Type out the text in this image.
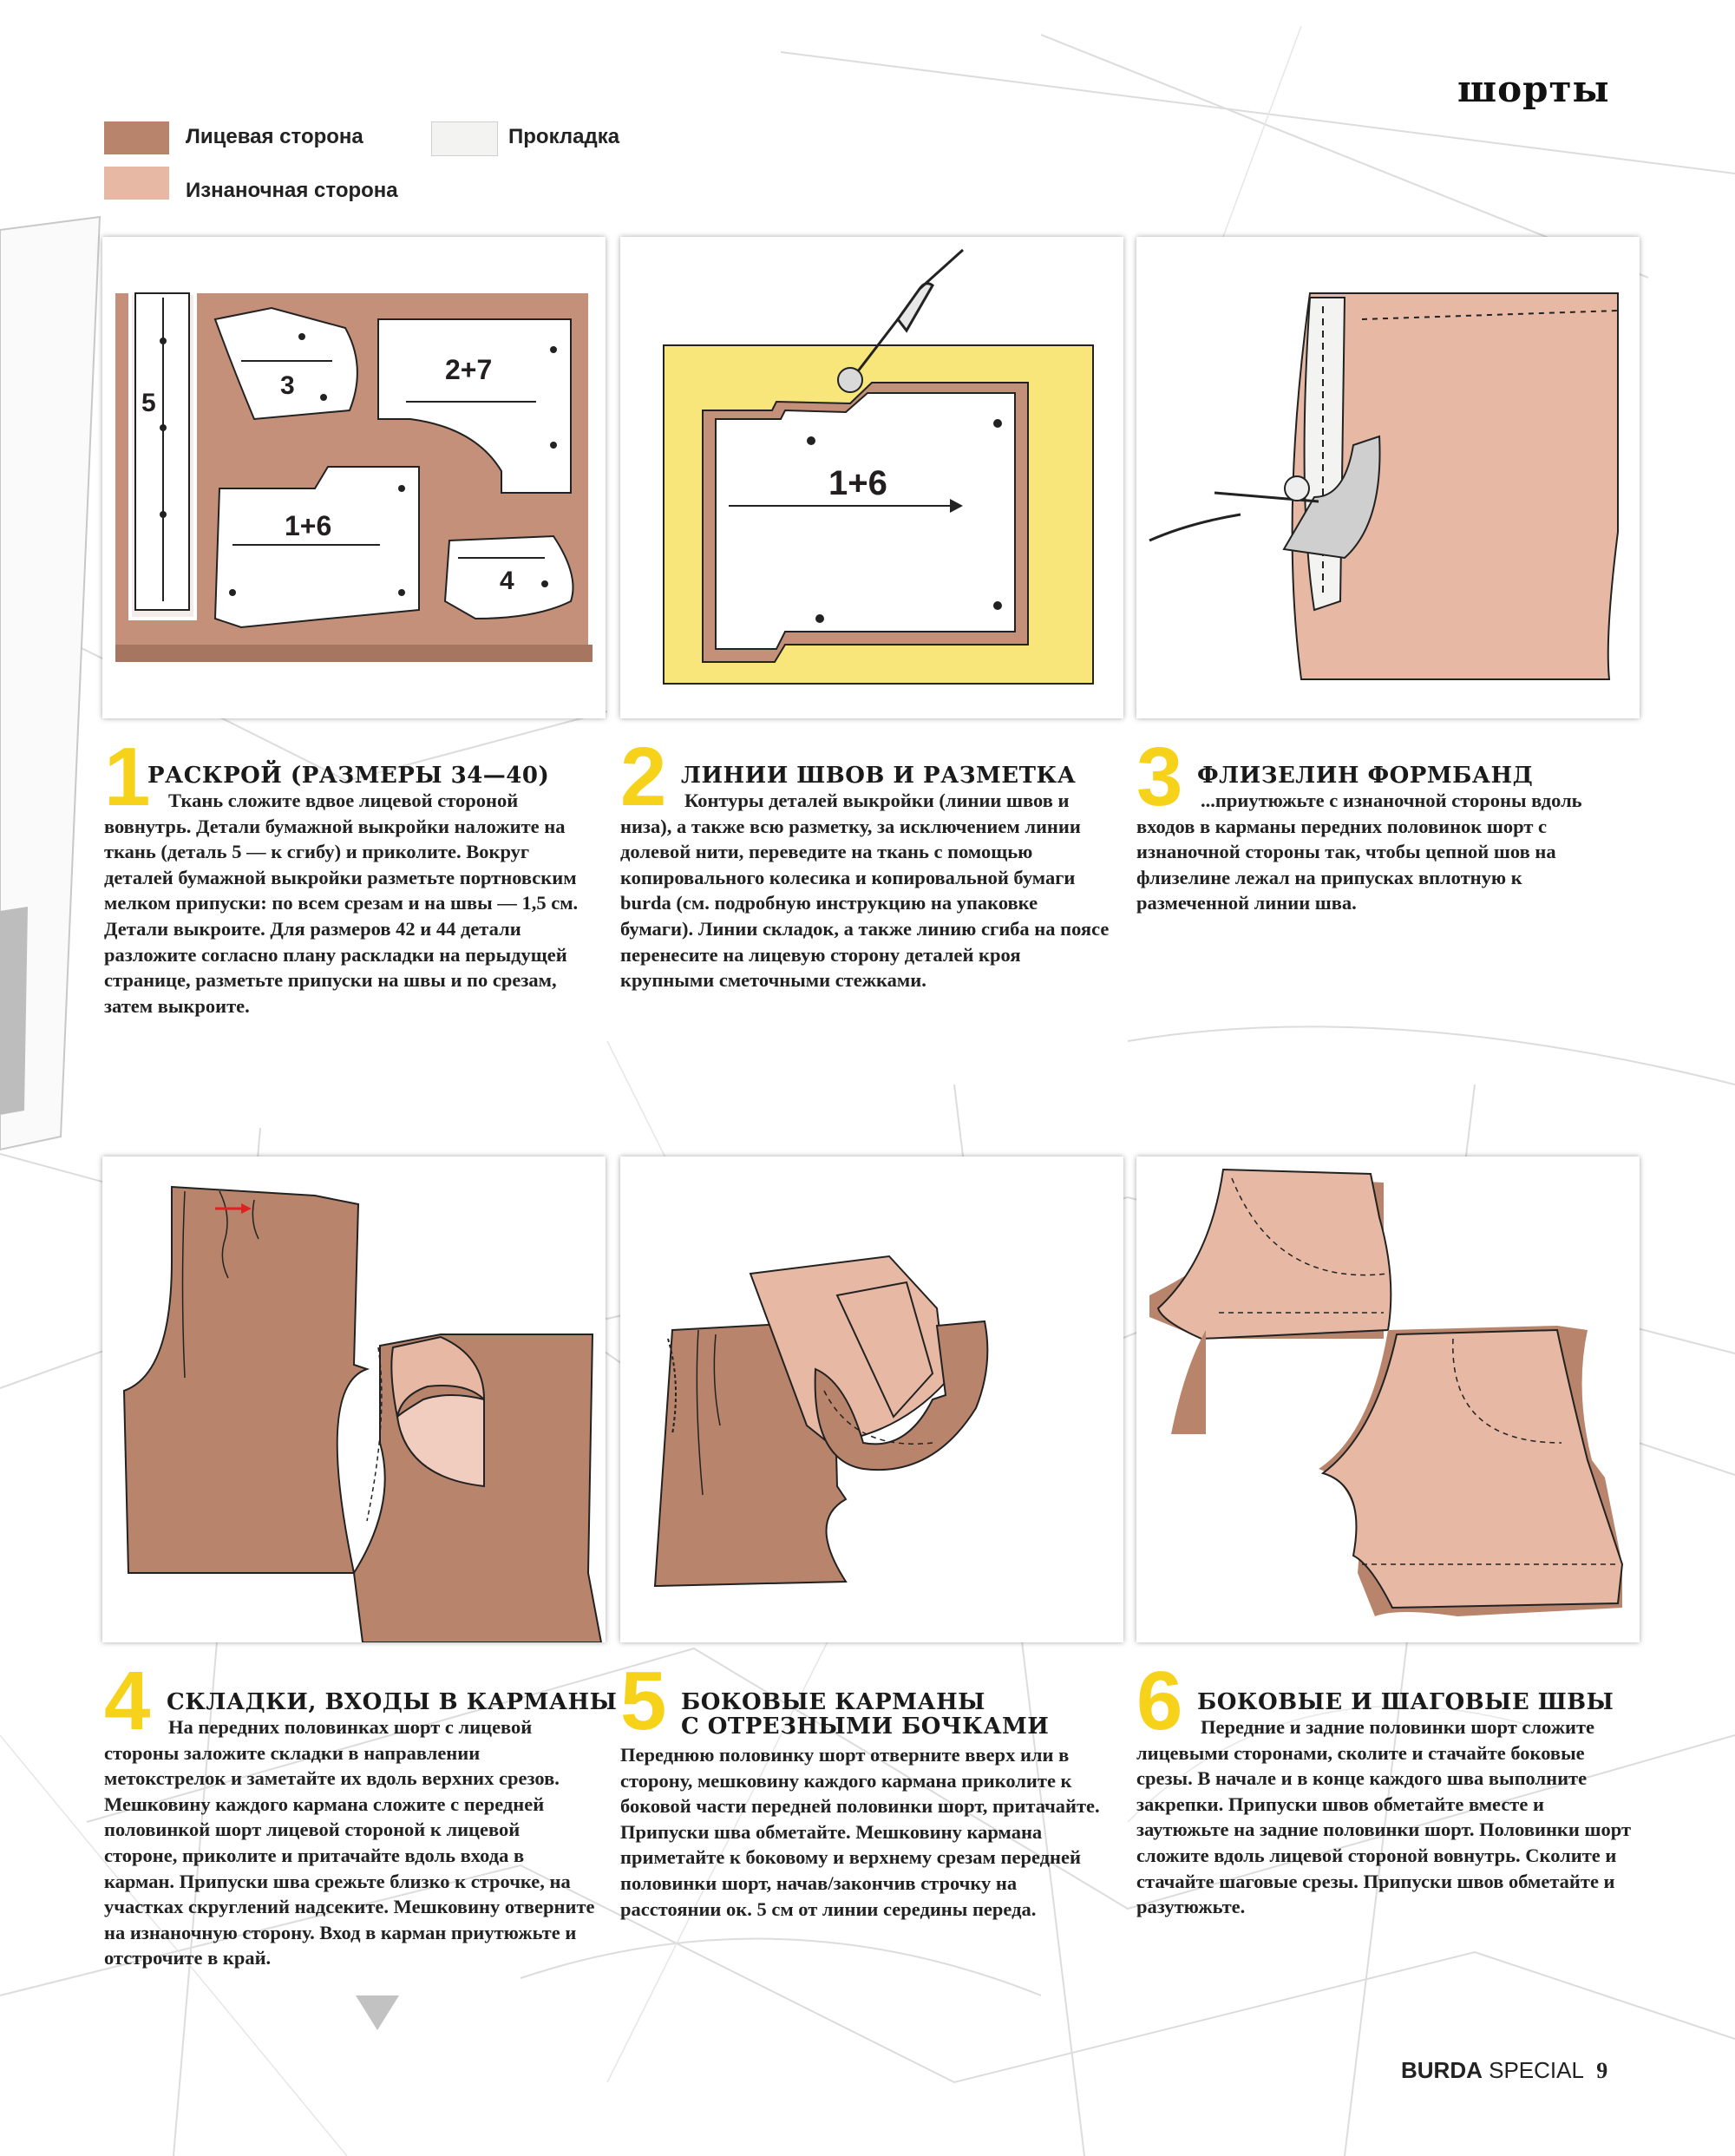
шорты
Лицевая сторона
Изнаночная сторона
Прокладка
5
3
2+7
1+6
4
1+6
1
РАСКРОЙ (РАЗМЕРЫ 34—40)
Ткань сложите вдвое лицевой стороной вовнутрь. Детали бумажной выкройки наложите на ткань (деталь 5 — к сгибу) и приколите. Вокруг деталей бумажной выкройки разметьте портновским мелком припуски: по всем срезам и на швы — 1,5 см. Детали выкроите. Для размеров 42 и 44 детали разложите согласно плану раскладки на перыдущей странице, разметьте припуски на швы и по срезам, затем выкроите.
2 ЛИНИИ ШВОВ И РАЗМЕТКА
Контуры деталей выкройки (линии швов и низа), а также всю разметку, за исключением линии долевой нити, переведите на ткань с помощью копировального колесика и копировальной бумаги burda (см. подробную инструкцию на упаковке бумаги). Линии складок, а также линию сгиба на поясе перенесите на лицевую сторону деталей кроя крупными сметочными стежками.
3 ФЛИЗЕЛИН ФОРМБАНД
...приутюжьте с изнаночной стороны вдоль входов в карманы передних половинок шорт с изнаночной стороны так, чтобы цепной шов на флизелине лежал на припусках вплотную к размеченной линии шва.
4 СКЛАДКИ, ВХОДЫ В КАРМАНЫ
На передних половинках шорт с лицевой стороны заложите складки в направлении метокстрелок и заметайте их вдоль верхних срезов. Мешковину каждого кармана сложите с передней половинкой шорт лицевой стороной к лицевой стороне, приколите и притачайте вдоль входа в карман. Припуски шва срежьте близко к строчке, на участках скруглений надсеките. Мешковину отверните на изнаночную сторону. Вход в карман приутюжьте и отстрочите в край.
5 БОКОВЫЕ КАРМАНЫ
С ОТРЕЗНЫМИ БОЧКАМИ
Переднюю половинку шорт отверните вверх или в сторону, мешковину каждого кармана приколите к боковой части передней половинки шорт, притачайте. Припуски шва обметайте. Мешковину кармана приметайте к боковому и верхнему срезам передней половинки шорт, начав/закончив строчку на расстоянии ок. 5 см от линии середины переда.
6 БОКОВЫЕ И ШАГОВЫЕ ШВЫ
Передние и задние половинки шорт сложите лицевыми сторонами, сколите и стачайте боковые срезы. В начале и в конце каждого шва выполните закрепки. Припуски швов обметайте вместе и заутюжьте на задние половинки шорт. Половинки шорт сложите вдоль лицевой стороной вовнутрь. Сколите и стачайте шаговые срезы. Припуски швов обметайте и разутюжьте.
BURDA SPECIAL 9
